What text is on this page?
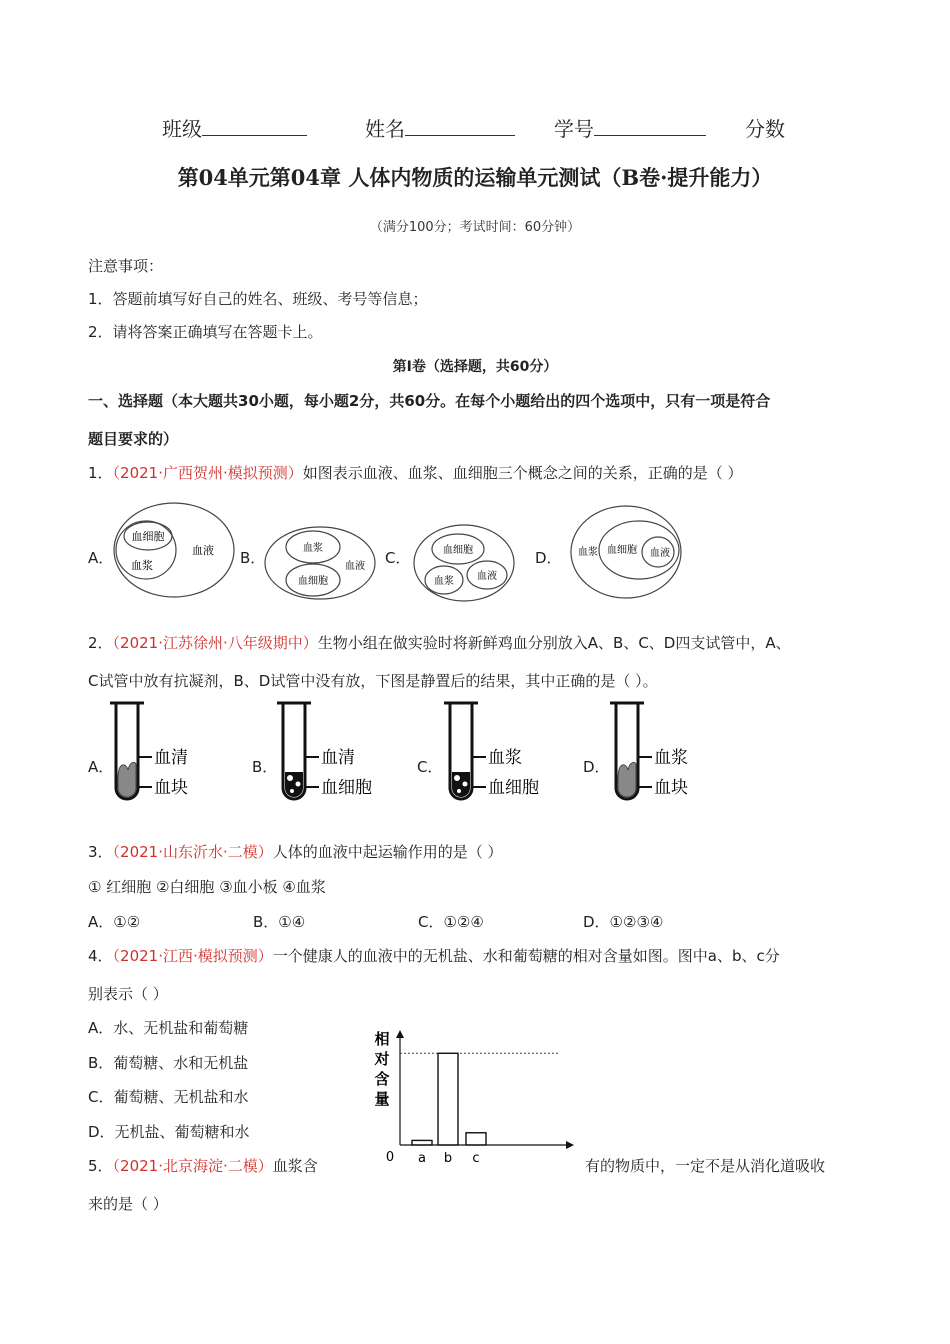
班级	姓名	学号	分数
第04单元第04章 人体内物质的运输单元测试（B卷·提升能力）
（满分100分；考试时间：60分钟）
注意事项：
1．答题前填写好自己的姓名、班级、考号等信息；
2．请将答案正确填写在答题卡上。
第Ⅰ卷（选择题，共60分）
一、选择题（本大题共30小题，每小题2分，共60分。在每个小题给出的四个选项中，只有一项是符合
题目要求的）
1．（2021·广西贺州·模拟预测）如图表示血液、血浆、血细胞三个概念之间的关系，正确的是（ ）
A．
血细胞
血浆
血液 B．
血浆
血细胞
血液 C．	血细胞
血浆 血液
D． 血浆 血细胞 血液
2．（2021·江苏徐州·八年级期中）生物小组在做实验时将新鲜鸡血分别放入A、B、C、D四支试管中，A、
C试管中放有抗凝剂，B、D试管中没有放，下图是静置后的结果，其中正确的是（ ）。
A． 血清
血块
B．	血清
血细胞
C．	血浆
血细胞
D．	血浆
血块
3．（2021·山东沂水·二模）人体的血液中起运输作用的是（ ）
① 红细胞 ②白细胞 ③血小板 ④血浆
A．①②	B．①④	C．①②④	D．①②③④
4．（2021·江西·模拟预测）一个健康人的血液中的无机盐、水和葡萄糖的相对含量如图。图中a、b、c分
别表示（ ）
A．水、无机盐和葡萄糖
B．葡萄糖、水和无机盐
C．葡萄糖、无机盐和水
D．无机盐、葡萄糖和水
相
对
含
量
0 a b c
5．（2021·北京海淀·二模）血浆含	有的物质中，一定不是从消化道吸收
来的是（ ）
